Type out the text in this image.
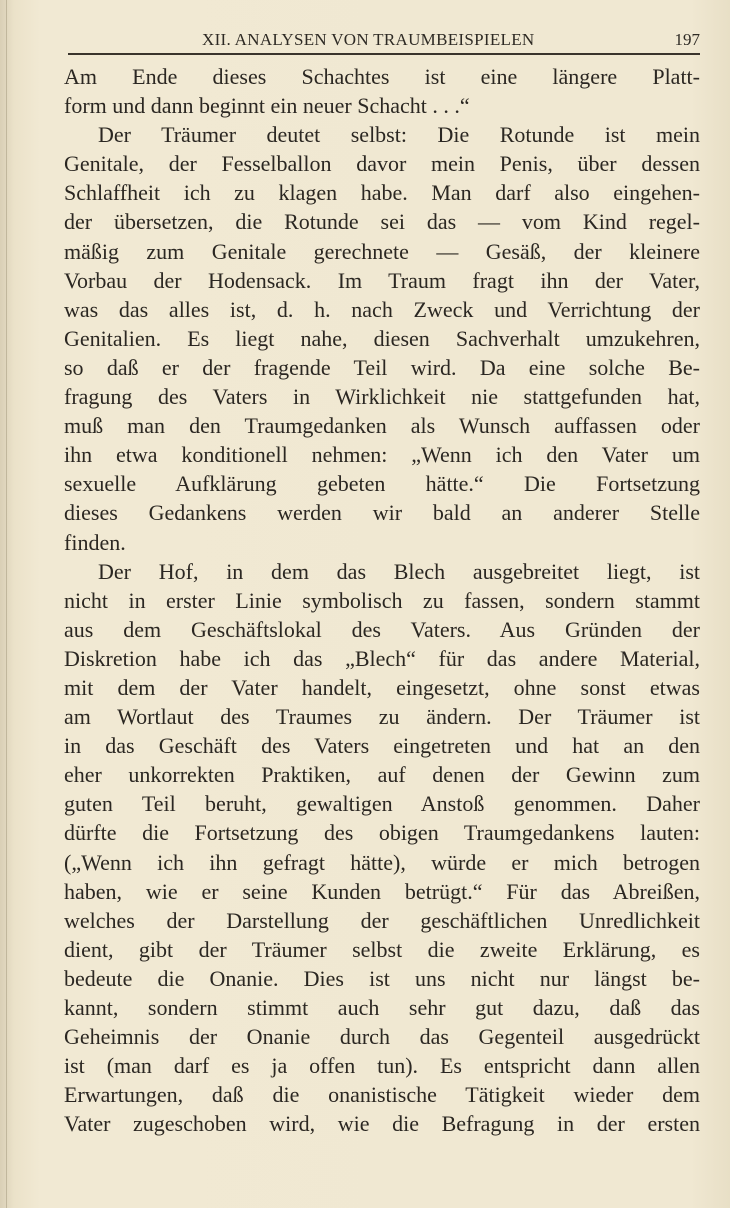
XII. ANALYSEN VON TRAUMBEISPIELEN	197
Am Ende dieses Schachtes ist eine längere Platt-
form und dann beginnt ein neuer Schacht . . .“
Der Träumer deutet selbst: Die Rotunde ist mein
Genitale, der Fesselballon davor mein Penis, über dessen
Schlaffheit ich zu klagen habe. Man darf also eingehen-
der übersetzen, die Rotunde sei das — vom Kind regel-
mäßig zum Genitale gerechnete — Gesäß, der kleinere
Vorbau der Hodensack. Im Traum fragt ihn der Vater,
was das alles ist, d. h. nach Zweck und Verrichtung der
Genitalien. Es liegt nahe, diesen Sachverhalt umzukehren,
so daß er der fragende Teil wird. Da eine solche Be-
fragung des Vaters in Wirklichkeit nie stattgefunden hat,
muß man den Traumgedanken als Wunsch auffassen oder
ihn etwa konditionell nehmen: „Wenn ich den Vater um
sexuelle Aufklärung gebeten hätte.“ Die Fortsetzung
dieses Gedankens werden wir bald an anderer Stelle
finden.
Der Hof, in dem das Blech ausgebreitet liegt, ist
nicht in erster Linie symbolisch zu fassen, sondern stammt
aus dem Geschäftslokal des Vaters. Aus Gründen der
Diskretion habe ich das „Blech“ für das andere Material,
mit dem der Vater handelt, eingesetzt, ohne sonst etwas
am Wortlaut des Traumes zu ändern. Der Träumer ist
in das Geschäft des Vaters eingetreten und hat an den
eher unkorrekten Praktiken, auf denen der Gewinn zum
guten Teil beruht, gewaltigen Anstoß genommen. Daher
dürfte die Fortsetzung des obigen Traumgedankens lauten:
(„Wenn ich ihn gefragt hätte), würde er mich betrogen
haben, wie er seine Kunden betrügt.“ Für das Abreißen,
welches der Darstellung der geschäftlichen Unredlichkeit
dient, gibt der Träumer selbst die zweite Erklärung, es
bedeute die Onanie. Dies ist uns nicht nur längst be-
kannt, sondern stimmt auch sehr gut dazu, daß das
Geheimnis der Onanie durch das Gegenteil ausgedrückt
ist (man darf es ja offen tun). Es entspricht dann allen
Erwartungen, daß die onanistische Tätigkeit wieder dem
Vater zugeschoben wird, wie die Befragung in der ersten
